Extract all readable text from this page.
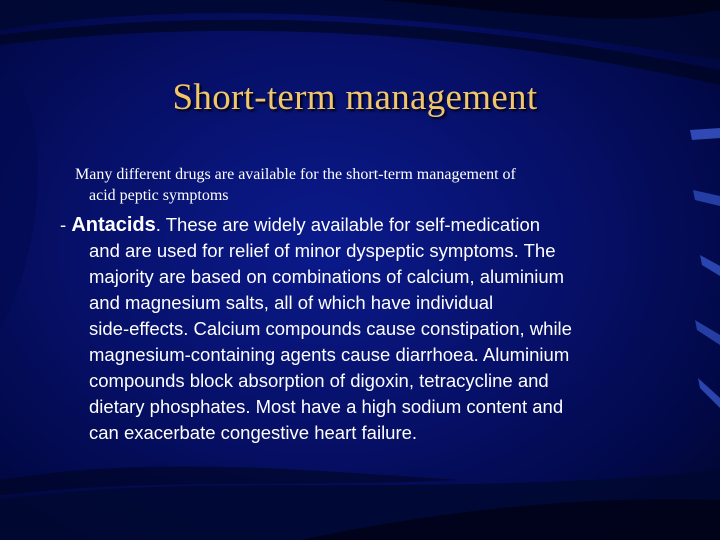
Short-term management
Many different drugs are available for the short-term management of
acid peptic symptoms
- Antacids. These are widely available for self-medication
and are used for relief of minor dyspeptic symptoms. The
majority are based on combinations of calcium, aluminium
and magnesium salts, all of which have individual
side-effects. Calcium compounds cause constipation, while
magnesium-containing agents cause diarrhoea. Aluminium
compounds block absorption of digoxin, tetracycline and
dietary phosphates. Most have a high sodium content and
can exacerbate congestive heart failure.
